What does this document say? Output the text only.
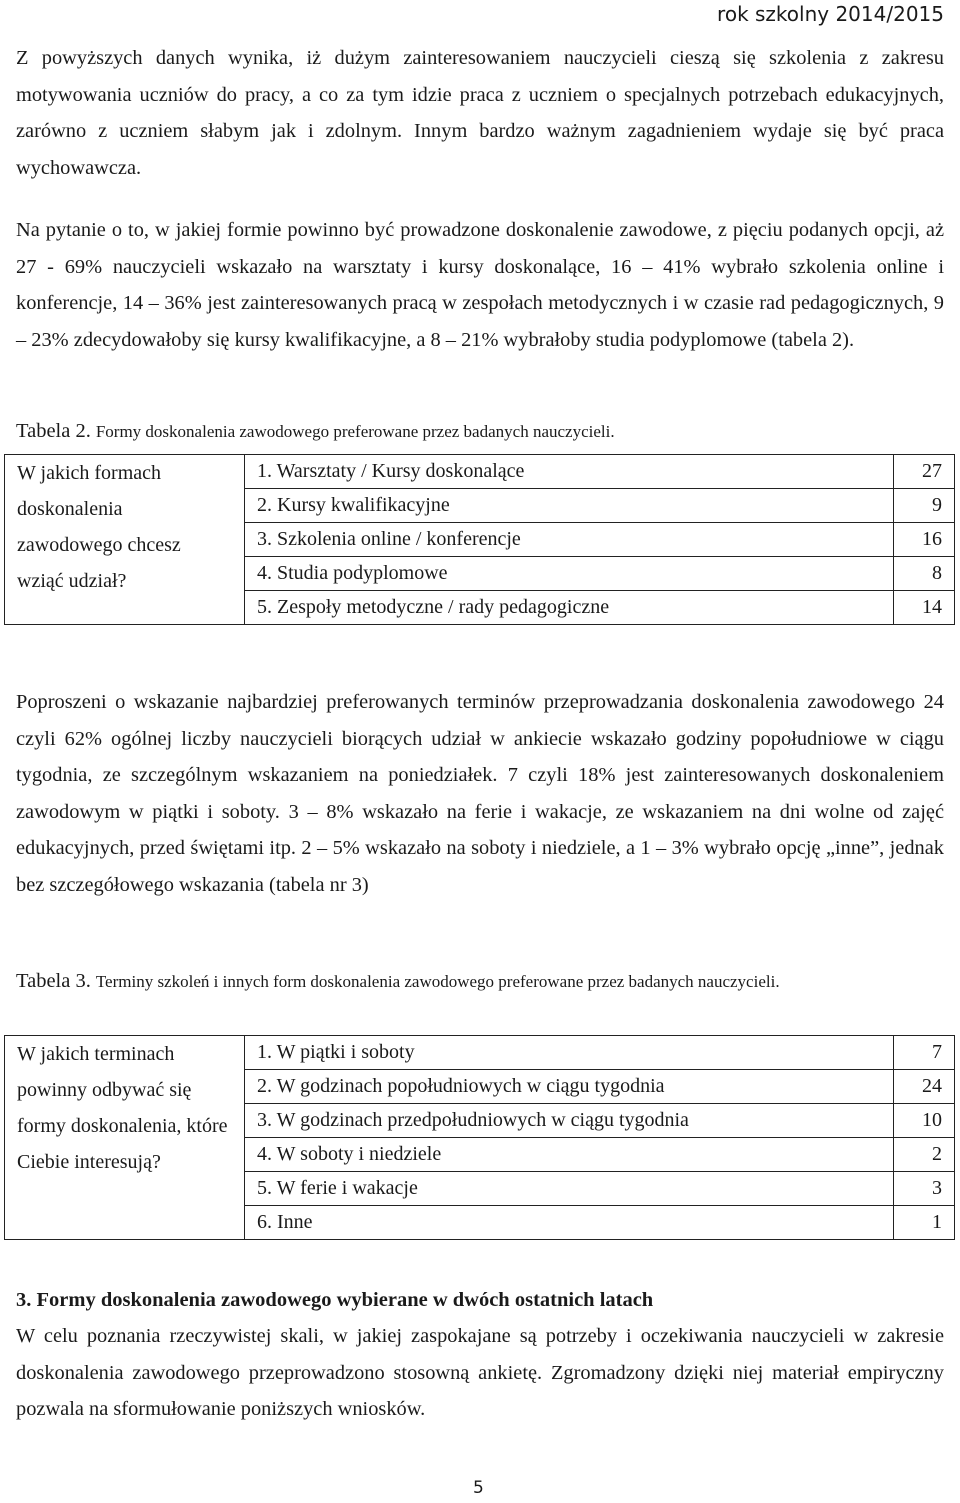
rok szkolny 2014/2015

Z powyższych danych wynika, iż dużym zainteresowaniem nauczycieli cieszą się szkolenia z zakresu motywowania uczniów do pracy, a co za tym idzie praca z uczniem o specjalnych potrzebach edukacyjnych, zarówno z uczniem słabym jak i zdolnym. Innym bardzo ważnym zagadnieniem wydaje się być praca wychowawcza.

Na pytanie o to, w jakiej formie powinno być prowadzone doskonalenie zawodowe, z pięciu podanych opcji, aż 27 - 69% nauczycieli wskazało na warsztaty i kursy doskonalące, 16 – 41% wybrało szkolenia online i konferencje, 14 – 36% jest zainteresowanych pracą w zespołach metodycznych i w czasie rad pedagogicznych, 9 – 23% zdecydowałoby się kursy kwalifikacyjne, a 8 – 21% wybrałoby studia podyplomowe (tabela 2).

Tabela 2. Formy doskonalenia zawodowego preferowane przez badanych nauczycieli.

W jakich formach doskonalenia zawodowego chcesz wziąć udział?	1. Warsztaty / Kursy doskonalące	27
	2. Kursy kwalifikacyjne	9
	3. Szkolenia online / konferencje	16
	4. Studia podyplomowe	8
	5. Zespoły metodyczne / rady pedagogiczne	14

Poproszeni o wskazanie najbardziej preferowanych terminów przeprowadzania doskonalenia zawodowego 24 czyli 62% ogólnej liczby nauczycieli biorących udział w ankiecie wskazało godziny popołudniowe w ciągu tygodnia, ze szczególnym wskazaniem na poniedziałek. 7 czyli 18% jest zainteresowanych doskonaleniem zawodowym w piątki i soboty. 3 – 8% wskazało na ferie i wakacje, ze wskazaniem na dni wolne od zajęć edukacyjnych, przed świętami itp. 2 – 5% wskazało na soboty i niedziele, a 1 – 3% wybrało opcję „inne”, jednak bez szczegółowego wskazania (tabela nr 3)

Tabela 3. Terminy szkoleń i innych form doskonalenia zawodowego preferowane przez badanych nauczycieli.

W jakich terminach powinny odbywać się formy doskonalenia, które Ciebie interesują?	1. W piątki i soboty	7
	2. W godzinach popołudniowych w ciągu tygodnia	24
	3. W godzinach przedpołudniowych w ciągu tygodnia	10
	4. W soboty i niedziele	2
	5. W ferie i wakacje	3
	6. Inne	1

3. Formy doskonalenia zawodowego wybierane w dwóch ostatnich latach

W celu poznania rzeczywistej skali, w jakiej zaspokajane są potrzeby i oczekiwania nauczycieli w zakresie doskonalenia zawodowego przeprowadzono stosowną ankietę. Zgromadzony dzięki niej materiał empiryczny pozwala na sformułowanie poniższych wniosków.

5
